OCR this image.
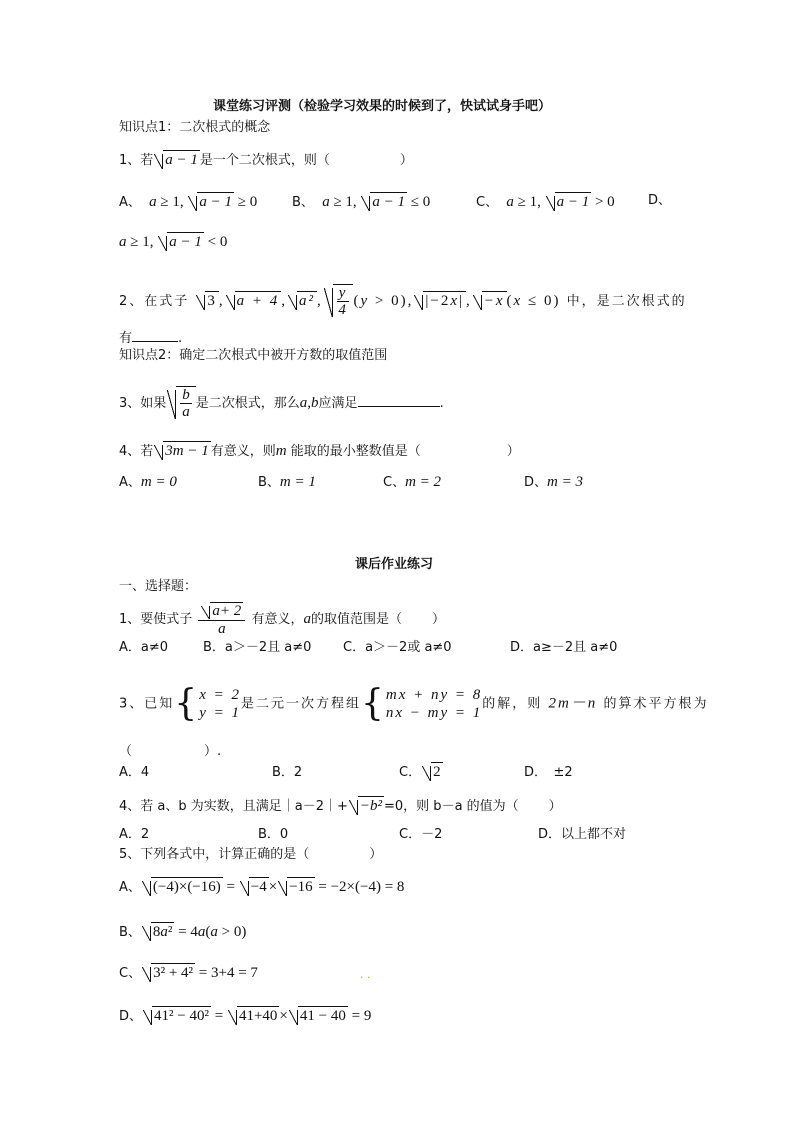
课堂练习评测（检验学习效果的时候到了，快试试身手吧）
知识点1：二次根式的概念
1、若 a − 1 是一个二次根式，则（	）
A、 a ≥ 1, a − 1 ≥ 0	B、 a ≥ 1, a − 1 ≤ 0	C、 a ≥ 1, a − 1 > 0	D、
a ≥ 1, a − 1 < 0
2、在式子 3 , a + 4 , a² , $\frac{y}{4} (y > 0)$, |−2x| , −x (x ≤ 0) 中，是二次根式的
有	.
知识点2：确定二次根式中被开方数的取值范围
3、如果 $\frac{b}{a}$ 是二次根式，那么a,b应满足	.
4、若 3m − 1 有意义，则m 能取的最小整数值是（	）
A、m = 0	B、m = 1	C、m = 2	D、m = 3
课后作业练习
一、选择题：
1、要使式子 $\frac{a+ 2}{a}$ 有意义，a的取值范围是（ ）
A．a≠0	B．a＞－2且 a≠0 C．a＞－2或 a≠0	D．a≥－2且 a≠0
3、已知{ x = 2
y = 1
是二元一次方程组{ mx + ny = 8
nx − my = 1
的解，则 2m－n 的算术平方根为
（	）.
A．4	B．2	C． 2	D．　±2
4、若 a、b 为实数，且满足｜a－2｜+ −b² =0，则 b－a 的值为（ ）
A．2	B．0	C．－2	D．以上都不对
5、下列各式中，计算正确的是（	）
A、 (−4)×(−16) = −4 × −16 = −2×(−4) = 8
B、 8a² = 4a(a > 0)
C、 3² + 4² = 3+4 = 7	· ·
D、 41² − 40² = 41+40 × 41 − 40 = 9
